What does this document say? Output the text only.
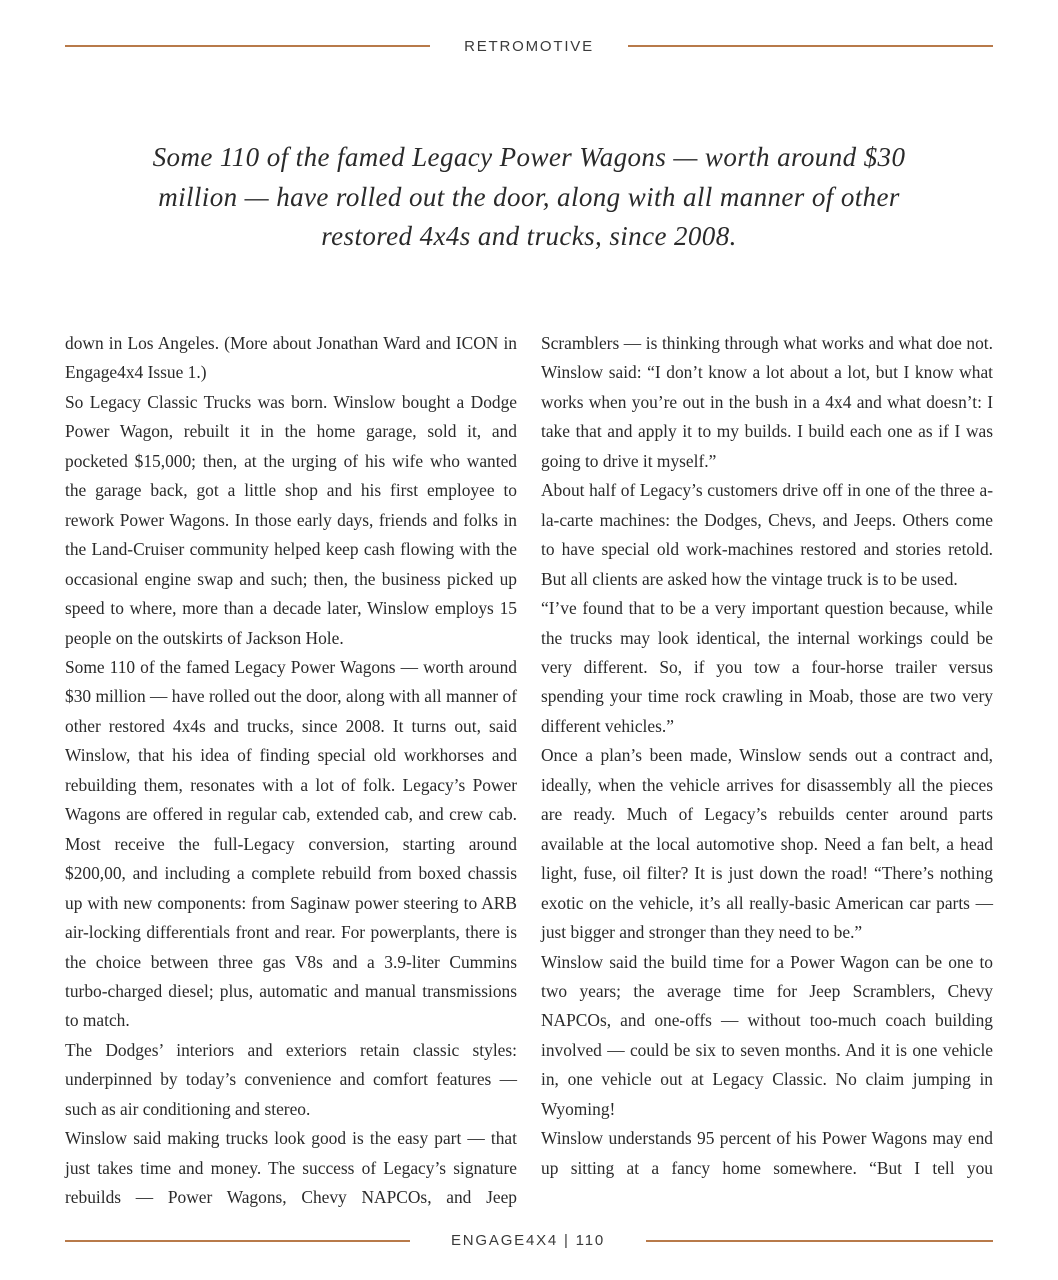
RETROMOTIVE

Some 110 of the famed Legacy Power Wagons — worth around $30 million — have rolled out the door, along with all manner of other restored 4x4s and trucks, since 2008.

down in Los Angeles. (More about Jonathan Ward and ICON in Engage4x4 Issue 1.)

So Legacy Classic Trucks was born. Winslow bought a Dodge Power Wagon, rebuilt it in the home garage, sold it, and pocketed $15,000; then, at the urging of his wife who wanted the garage back, got a little shop and his first employee to rework Power Wagons. In those early days, friends and folks in the Land-Cruiser community helped keep cash flowing with the occasional engine swap and such; then, the business picked up speed to where, more than a decade later, Winslow employs 15 people on the outskirts of Jackson Hole.

Some 110 of the famed Legacy Power Wagons — worth around $30 million — have rolled out the door, along with all manner of other restored 4x4s and trucks, since 2008. It turns out, said Winslow, that his idea of finding special old workhorses and rebuilding them, resonates with a lot of folk. Legacy’s Power Wagons are offered in regular cab, extended cab, and crew cab. Most receive the full-Legacy conversion, starting around $200,00, and including a complete rebuild from boxed chassis up with new components: from Saginaw power steering to ARB air-locking differentials front and rear. For powerplants, there is the choice between three gas V8s and a 3.9-liter Cummins turbo-charged diesel; plus, automatic and manual transmissions to match.

The Dodges’ interiors and exteriors retain classic styles: underpinned by today’s convenience and comfort features — such as air conditioning and stereo.

Winslow said making trucks look good is the easy part — that just takes time and money. The success of Legacy’s signature rebuilds — Power Wagons, Chevy NAPCOs, and Jeep

Scramblers — is thinking through what works and what doe not. Winslow said: “I don’t know a lot about a lot, but I know what works when you’re out in the bush in a 4x4 and what doesn’t: I take that and apply it to my builds. I build each one as if I was going to drive it myself.”

About half of Legacy’s customers drive off in one of the three a-la-carte machines: the Dodges, Chevs, and Jeeps. Others come to have special old work-machines restored and stories retold. But all clients are asked how the vintage truck is to be used.

“I’ve found that to be a very important question because, while the trucks may look identical, the internal workings could be very different. So, if you tow a four-horse trailer versus spending your time rock crawling in Moab, those are two very different vehicles.”

Once a plan’s been made, Winslow sends out a contract and, ideally, when the vehicle arrives for disassembly all the pieces are ready. Much of Legacy’s rebuilds center around parts available at the local automotive shop. Need a fan belt, a head light, fuse, oil filter? It is just down the road! “There’s nothing exotic on the vehicle, it’s all really-basic American car parts — just bigger and stronger than they need to be.”

Winslow said the build time for a Power Wagon can be one to two years; the average time for Jeep Scramblers, Chevy NAPCOs, and one-offs — without too-much coach building involved — could be six to seven months. And it is one vehicle in, one vehicle out at Legacy Classic. No claim jumping in Wyoming!

Winslow understands 95 percent of his Power Wagons may end up sitting at a fancy home somewhere. “But I tell you

ENGAGE4X4 | 110
